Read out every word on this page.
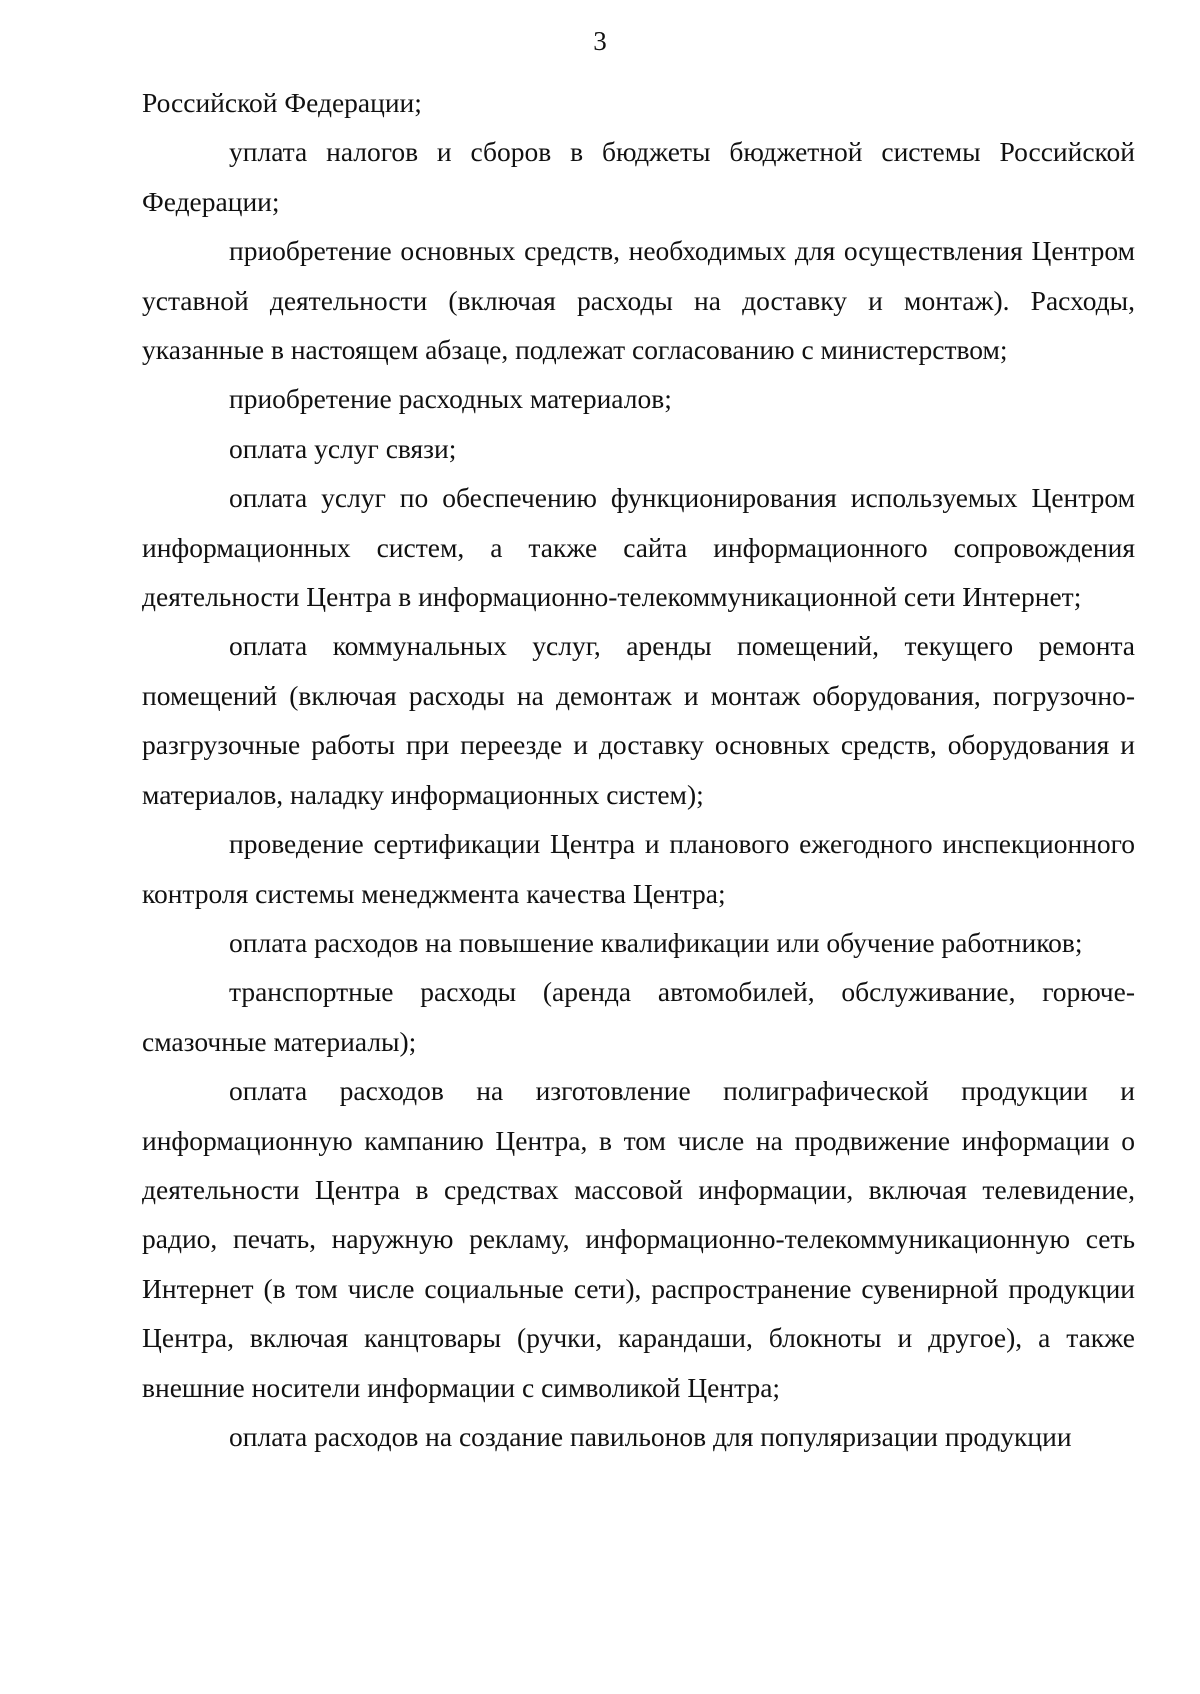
3

Российской Федерации;

уплата налогов и сборов в бюджеты бюджетной системы Российской Федерации;

приобретение основных средств, необходимых для осуществления Центром уставной деятельности (включая расходы на доставку и монтаж). Расходы, указанные в настоящем абзаце, подлежат согласованию с министерством;

приобретение расходных материалов;

оплата услуг связи;

оплата услуг по обеспечению функционирования используемых Центром информационных систем, а также сайта информационного сопровождения деятельности Центра в информационно-телекоммуникационной сети Интернет;

оплата коммунальных услуг, аренды помещений, текущего ремонта помещений (включая расходы на демонтаж и монтаж оборудования, погрузочно-разгрузочные работы при переезде и доставку основных средств, оборудования и материалов, наладку информационных систем);

проведение сертификации Центра и планового ежегодного инспекционного контроля системы менеджмента качества Центра;

оплата расходов на повышение квалификации или обучение работников;

транспортные расходы (аренда автомобилей, обслуживание, горюче-смазочные материалы);

оплата расходов на изготовление полиграфической продукции и информационную кампанию Центра, в том числе на продвижение информации о деятельности Центра в средствах массовой информации, включая телевидение, радио, печать, наружную рекламу, информационно-телекоммуникационную сеть Интернет (в том числе социальные сети), распространение сувенирной продукции Центра, включая канцтовары (ручки, карандаши, блокноты и другое), а также внешние носители информации с символикой Центра;

оплата расходов на создание павильонов для популяризации продукции
